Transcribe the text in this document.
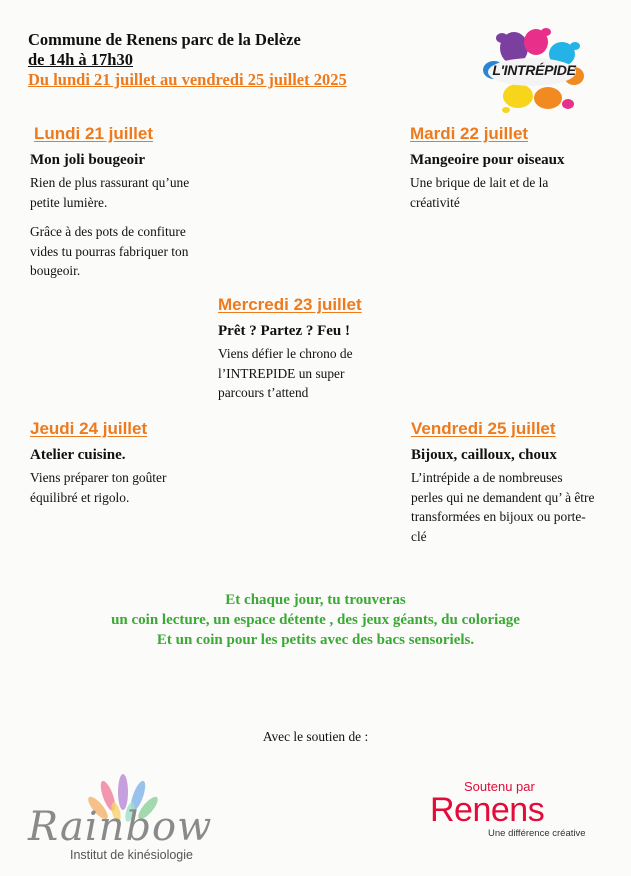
Commune de Renens parc de la Delèze
de 14h à 17h30
Du lundi 21 juillet au vendredi 25 juillet 2025	L'INTRÉPIDE
Lundi 21 juillet
Mon joli bougeoir

Rien de plus rassurant qu’une petite lumière.

Grâce à des pots de confiture vides tu pourras fabriquer ton bougeoir.

Mardi 22 juillet
Mangeoire pour oiseaux

Une brique de lait et de la créativité

Mercredi 23 juillet
Prêt ? Partez ? Feu !

Viens défier le chrono de l’INTREPIDE un super parcours t’attend

Jeudi 24 juillet
Atelier cuisine.

Viens préparer ton goûter équilibré et rigolo.

Vendredi 25 juillet
Bijoux, cailloux, choux

L’intrépide a de nombreuses perles qui ne demandent qu’ à être transformées en bijoux ou porte- clé

Et chaque jour, tu trouveras
un coin lecture, un espace détente , des jeux géants, du coloriage
Et un coin pour les petits avec des bacs sensoriels.
Avec le soutien de :
Rainbow
Institut de kinésiologie
Soutenu par
Renens
Une différence créative
